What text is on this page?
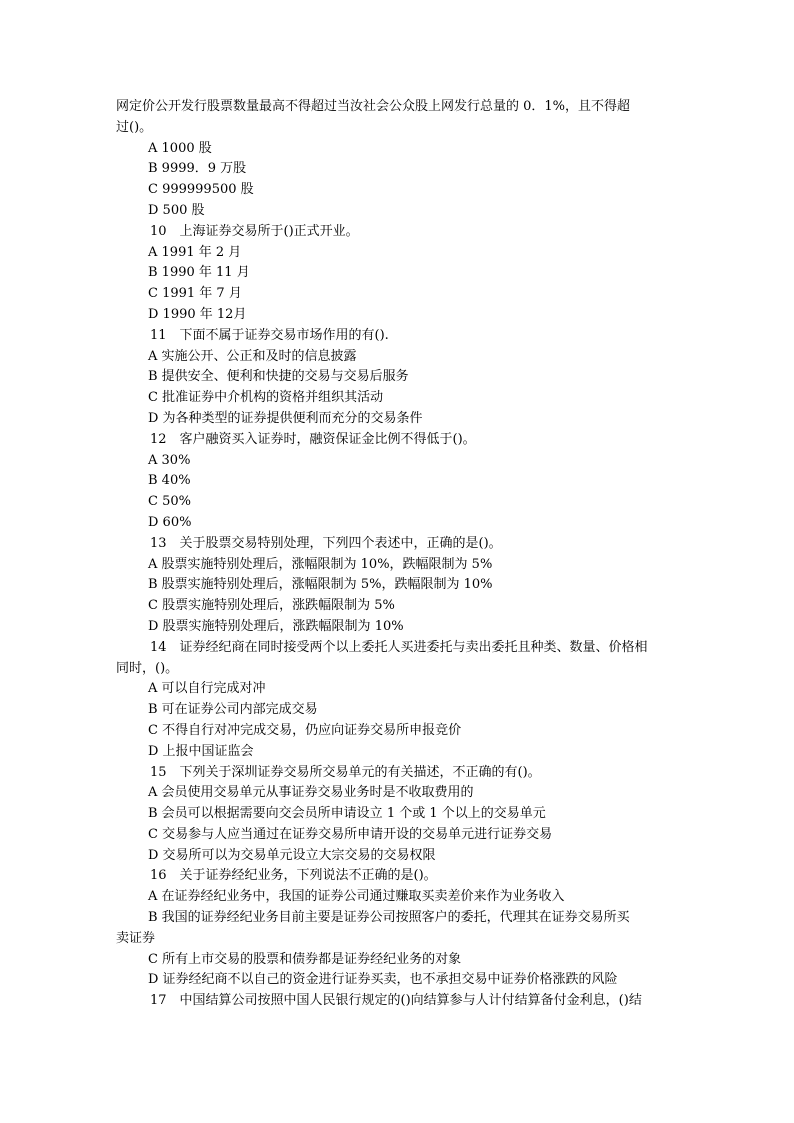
网定价公开发行股票数量最高不得超过当汝社会公众股上网发行总量的 0．1%，且不得超
过()。
A 1000 股
B 9999．9 万股
C 999999500 股
D 500 股
10　上海证券交易所于()正式开业。
A 1991 年 2 月
B 1990 年 11 月
C 1991 年 7 月
D 1990 年 12月
11　下面不属于证券交易市场作用的有().
A 实施公开、公正和及时的信息披露
B 提供安全、便利和快捷的交易与交易后服务
C 批准证券中介机构的资格并组织其活动
D 为各种类型的证券提供便利而充分的交易条件
12　客户融资买入证券时，融资保证金比例不得低于()。
A 30%
B 40%
C 50%
D 60%
13　关于股票交易特别处理，下列四个表述中，正确的是()。
A 股票实施特别处理后，涨幅限制为 10%，跌幅限制为 5%
B 股票实施特别处理后，涨幅限制为 5%，跌幅限制为 10%
C 股票实施特别处理后，涨跌幅限制为 5%
D 股票实施特别处理后，涨跌幅限制为 10%
14　证券经纪商在同时接受两个以上委托人买进委托与卖出委托且种类、数量、价格相
同时，()。
A 可以自行完成对冲
B 可在证券公司内部完成交易
C 不得自行对冲完成交易，仍应向证券交易所申报竞价
D 上报中国证监会
15　下列关于深圳证券交易所交易单元的有关描述，不正确的有()。
A 会员使用交易单元从事证券交易业务时是不收取费用的
B 会员可以根据需要向交会员所申请设立 1 个或 1 个以上的交易单元
C 交易参与人应当通过在证券交易所申请开设的交易单元进行证券交易
D 交易所可以为交易单元设立大宗交易的交易权限
16　关于证券经纪业务，下列说法不正确的是()。
A 在证券经纪业务中，我国的证券公司通过赚取买卖差价来作为业务收入
B 我国的证券经纪业务目前主要是证券公司按照客户的委托，代理其在证券交易所买
卖证券
C 所有上市交易的股票和债券都是证券经纪业务的对象
D 证券经纪商不以自己的资金进行证券买卖，也不承担交易中证券价格涨跌的风险
17　中国结算公司按照中国人民银行规定的()向结算参与人计付结算备付金利息，()结
